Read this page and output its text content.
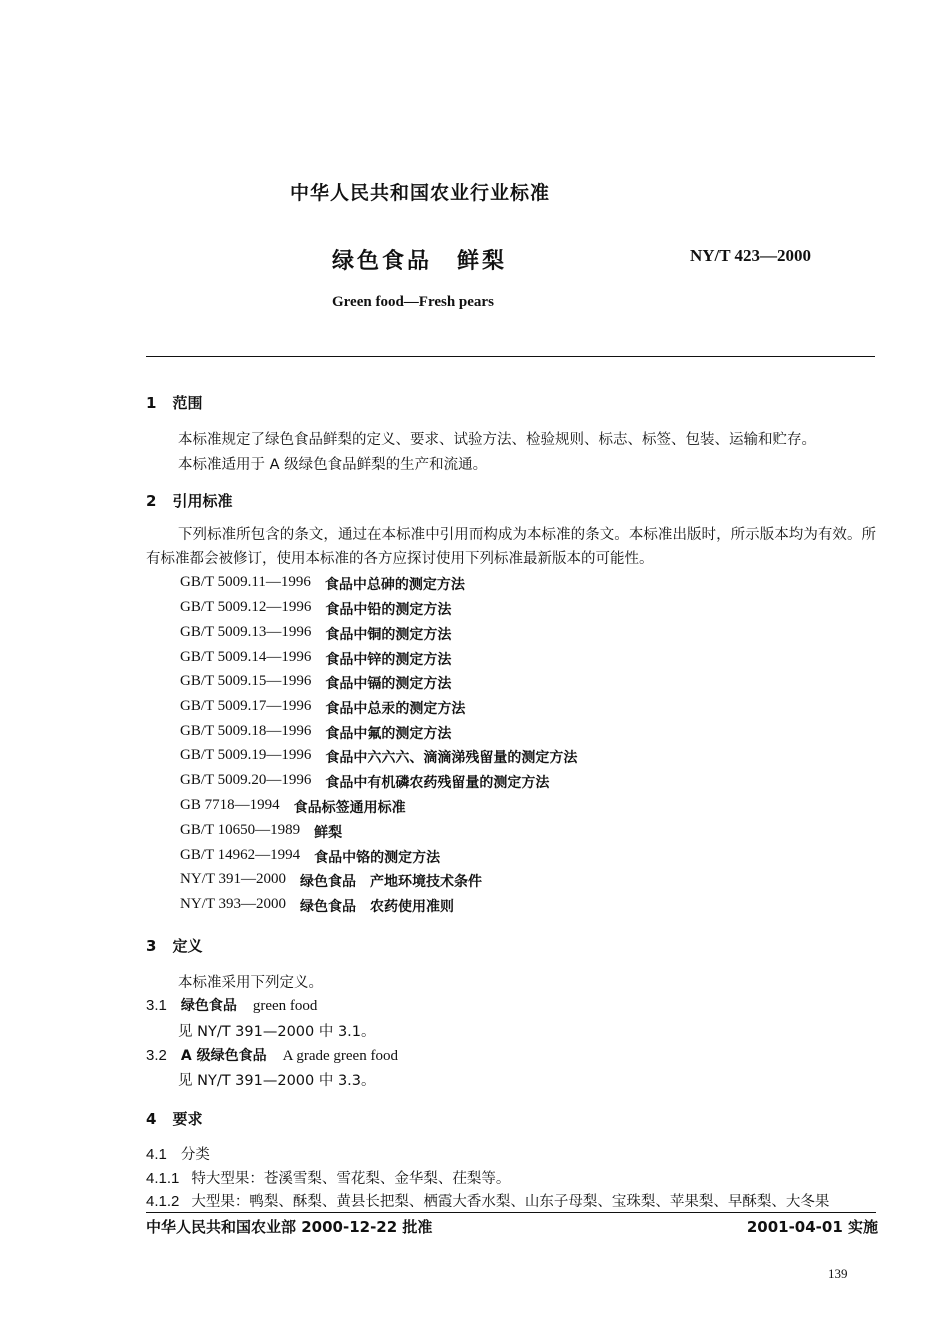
中华人民共和国农业行业标准
绿色食品　鲜梨	NY/T 423—2000
Green food—Fresh pears
1 范围
本标准规定了绿色食品鲜梨的定义、要求、试验方法、检验规则、标志、标签、包装、运输和贮存。
本标准适用于 A 级绿色食品鲜梨的生产和流通。
2 引用标准
下列标准所包含的条文，通过在本标准中引用而构成为本标准的条文。本标准出版时，所示版本均为有效。所有标准都会被修订，使用本标准的各方应探讨使用下列标准最新版本的可能性。
GB/T 5009.11—1996 食品中总砷的测定方法
GB/T 5009.12—1996 食品中铅的测定方法
GB/T 5009.13—1996 食品中铜的测定方法
GB/T 5009.14—1996 食品中锌的测定方法
GB/T 5009.15—1996 食品中镉的测定方法
GB/T 5009.17—1996 食品中总汞的测定方法
GB/T 5009.18—1996 食品中氟的测定方法
GB/T 5009.19—1996 食品中六六六、滴滴涕残留量的测定方法
GB/T 5009.20—1996 食品中有机磷农药残留量的测定方法
GB 7718—1994 食品标签通用标准
GB/T 10650—1989 鲜梨
GB/T 14962—1994 食品中铬的测定方法
NY/T 391—2000 绿色食品　产地环境技术条件
NY/T 393—2000 绿色食品　农药使用准则
3 定义
本标准采用下列定义。
3.1 绿色食品 green food
见 NY/T 391—2000 中 3.1。
3.2 A 级绿色食品 A grade green food
见 NY/T 391—2000 中 3.3。
4 要求
4.1 分类
4.1.1 特大型果：苍溪雪梨、雪花梨、金华梨、茌梨等。
4.1.2 大型果：鸭梨、酥梨、黄县长把梨、栖霞大香水梨、山东子母梨、宝珠梨、苹果梨、早酥梨、大冬果
中华人民共和国农业部 2000-12-22 批准	2001-04-01 实施
139
